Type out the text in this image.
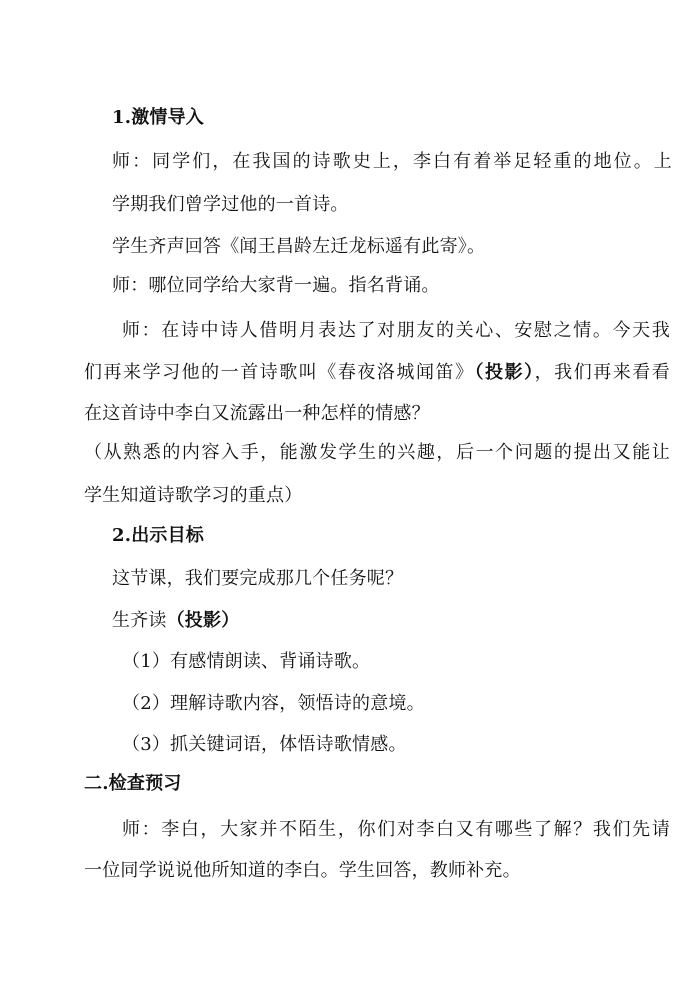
1.激情导入
师：同学们，在我国的诗歌史上，李白有着举足轻重的地位。上
学期我们曾学过他的一首诗。
学生齐声回答《闻王昌龄左迁龙标遥有此寄》。
师：哪位同学给大家背一遍。指名背诵。
师：在诗中诗人借明月表达了对朋友的关心、安慰之情。今天我
们再来学习他的一首诗歌叫《春夜洛城闻笛》（投影），我们再来看看
在这首诗中李白又流露出一种怎样的情感？
（从熟悉的内容入手，能激发学生的兴趣，后一个问题的提出又能让
学生知道诗歌学习的重点）
2.出示目标
这节课，我们要完成那几个任务呢？
生齐读（投影）
（1）有感情朗读、背诵诗歌。
（2）理解诗歌内容，领悟诗的意境。
（3）抓关键词语，体悟诗歌情感。
二.检查预习
师：李白，大家并不陌生，你们对李白又有哪些了解？我们先请
一位同学说说他所知道的李白。学生回答，教师补充。
